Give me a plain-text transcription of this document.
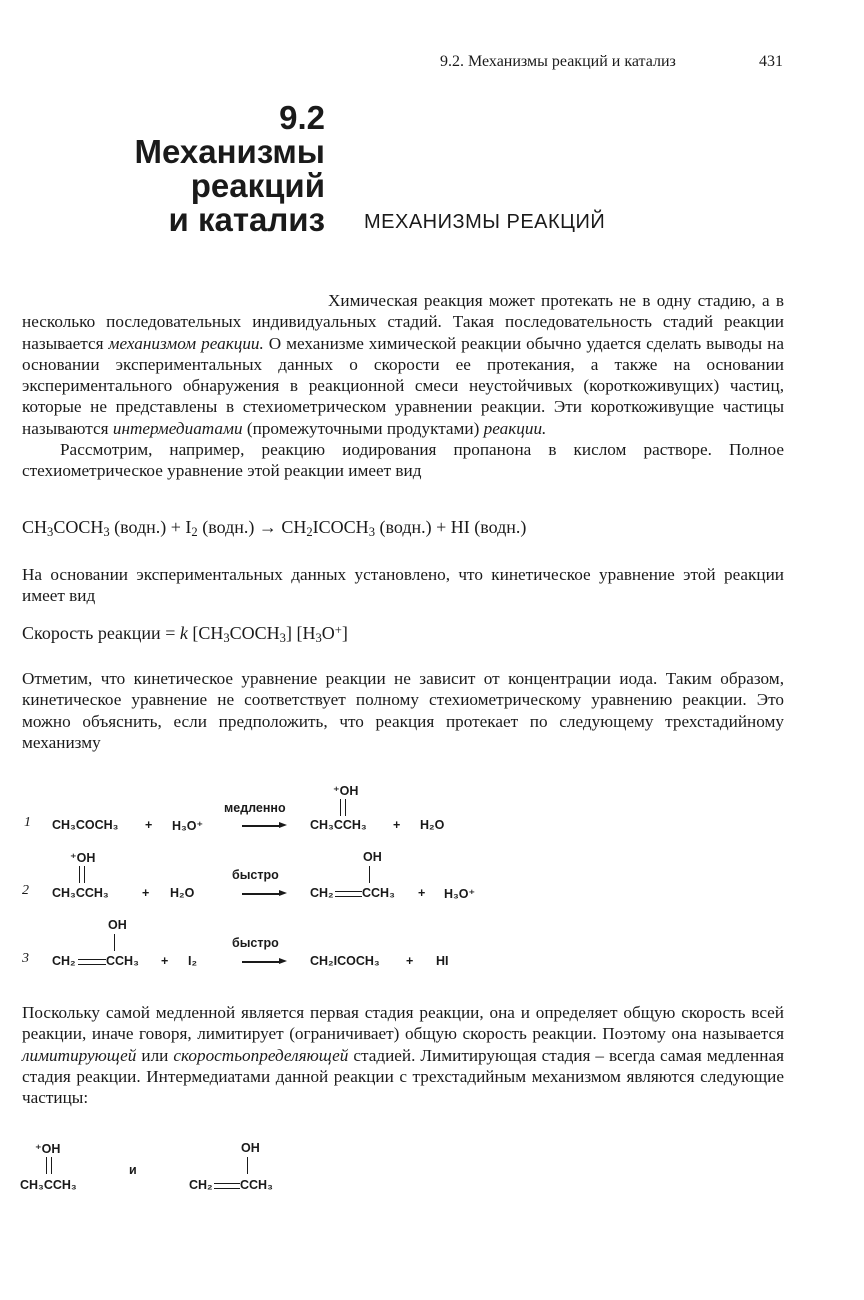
9.2. Механизмы реакций и катализ	431
9.2
Механизмы
реакций
и катализ МЕХАНИЗМЫ РЕАКЦИЙ

Химическая реакция может протекать не в одну стадию, а в несколько последовательных индивидуальных стадий. Такая последовательность стадий реакции называется механизмом реакции. О механизме химической реакции обычно удается сделать выводы на основании экспериментальных данных о скорости ее протекания, а также на основании экспериментального обнаружения в реакционной смеси неустойчивых (короткоживущих) частиц, которые не представлены в стехиометрическом уравнении реакции. Эти короткоживущие частицы называются интермедиатами (промежуточными продуктами) реакции.

Рассмотрим, например, реакцию иодирования пропанона в кислом растворе. Полное стехиометрическое уравнение этой реакции имеет вид

$CH_3COCH_3$ (водн.) + $I_2$ (водн.) → $CH_2ICOCH_3$ (водн.) + HI (водн.)
На основании экспериментальных данных установлено, что кинетическое уравнение этой реакции имеет вид
Скорость реакции = k $[CH_3COCH_3]$ $[H_3O^+]$
Отметим, что кинетическое уравнение реакции не зависит от концентрации иода. Таким образом, кинетическое уравнение не соответствует полному стехиометрическому уравнению реакции. Это можно объяснить, если предположить, что реакция протекает по следующему трехстадийному механизму
1 CH₃COCH₃ + H₃O⁺
медленно
⁺OH
CH₃CCH₃ + H₂O
2
⁺OH
CH₃CCH₃	+ H₂O
быстро
OH
CH₂ CCH₃ + H₃O⁺
3
OH
CH₂ CCH₃ + I₂
быстро
CH₂ICOCH₃ + HI
Поскольку самой медленной является первая стадия реакции, она и определяет общую скорость всей реакции, иначе говоря, лимитирует (ограничивает) общую скорость реакции. Поэтому она называется лимитирующей или скоростьопределяющей стадией. Лимитирующая стадия – всегда самая медленная стадия реакции. Интермедиатами данной реакции с трехстадийным механизмом являются следующие частицы:
⁺OH
CH₃CCH₃
и
OH
CH₂ CCH₃
